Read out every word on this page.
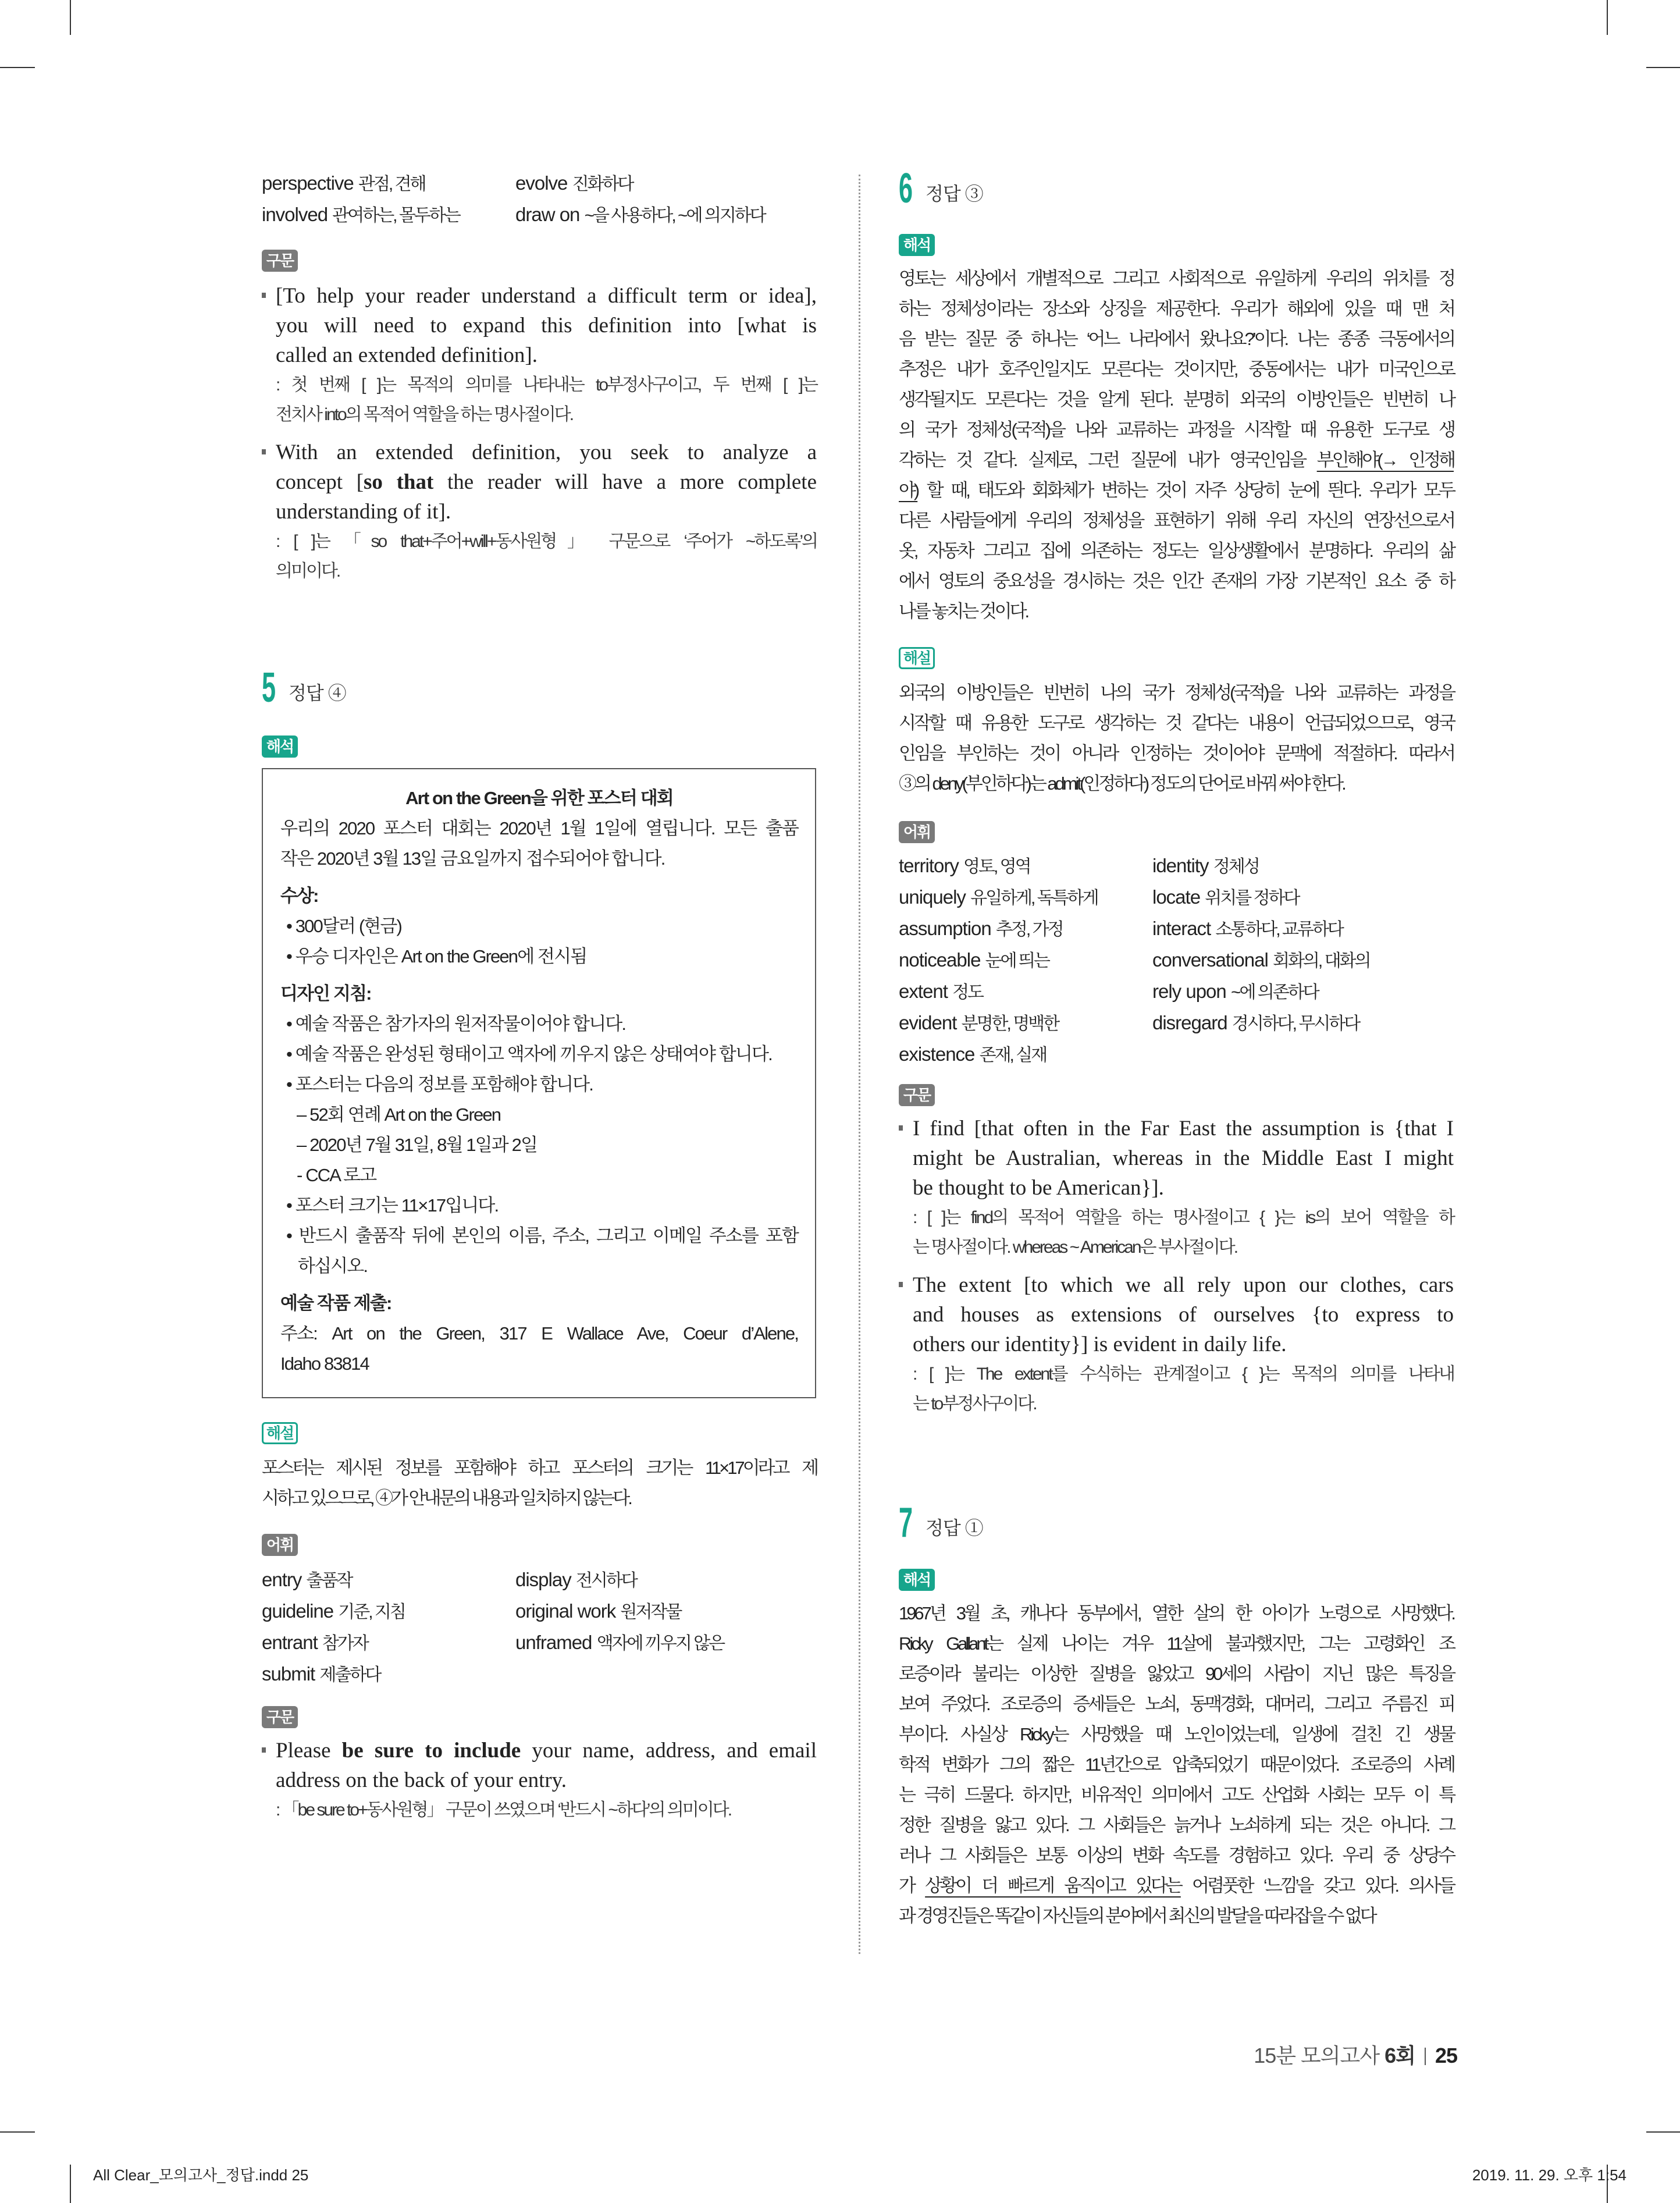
perspective 관점, 견해	evolve 진화하다
involved 관여하는, 몰두하는	draw on ~을 사용하다, ~에 의지하다
구문
[To help your reader understand a difficult term or idea],
you will need to expand this definition into [what is
called an extended definition].
: 첫 번째 [ ]는 목적의 의미를 나타내는 to부정사구이고, 두 번째 [ ]는
전치사 into의 목적어 역할을 하는 명사절이다.
With an extended definition, you seek to analyze a
concept [so that the reader will have a more complete
understanding of it].
: [ ]는 「so that+주어+will+동사원형」 구문으로 ‘주어가 ~하도록’의
의미이다.
5 정답 ④
해석
Art on the Green을 위한 포스터 대회
우리의 2020 포스터 대회는 2020년 1월 1일에 열립니다. 모든 출품
작은 2020년 3월 13일 금요일까지 접수되어야 합니다.
수상:
• 300달러 (현금)
• 우승 디자인은 Art on the Green에 전시됨
디자인 지침:
• 예술 작품은 참가자의 원저작물이어야 합니다.
• 예술 작품은 완성된 형태이고 액자에 끼우지 않은 상태여야 합니다.
• 포스터는 다음의 정보를 포함해야 합니다.
– 52회 연례 Art on the Green
– 2020년 7월 31일, 8월 1일과 2일
- CCA 로고
• 포스터 크기는 11×17입니다.
• 반드시 출품작 뒤에 본인의 이름, 주소, 그리고 이메일 주소를 포함
하십시오.
예술 작품 제출:
주소: Art on the Green, 317 E Wallace Ave, Coeur d’Alene,
Idaho 83814
해설
포스터는 제시된 정보를 포함해야 하고 포스터의 크기는 11×17이라고 제
시하고 있으므로, ④가 안내문의 내용과 일치하지 않는다.
어휘
entry 출품작	display 전시하다
guideline 기준, 지침	original work 원저작물
entrant 참가자	unframed 액자에 끼우지 않은
submit 제출하다
구문
Please be sure to include your name, address, and email
address on the back of your entry.
: 「be sure to+동사원형」 구문이 쓰였으며 ‘반드시 ~하다’의 의미이다.
6 정답 ③
해석
영토는 세상에서 개별적으로 그리고 사회적으로 유일하게 우리의 위치를 정
하는 정체성이라는 장소와 상징을 제공한다. 우리가 해외에 있을 때 맨 처
음 받는 질문 중 하나는 ‘어느 나라에서 왔나요?’이다. 나는 종종 극동에서의
추정은 내가 호주인일지도 모른다는 것이지만, 중동에서는 내가 미국인으로
생각될지도 모른다는 것을 알게 된다. 분명히 외국의 이방인들은 빈번히 나
의 국가 정체성(국적)을 나와 교류하는 과정을 시작할 때 유용한 도구로 생
각하는 것 같다. 실제로, 그런 질문에 내가 영국인임을 부인해야(→ 인정해
야) 할 때, 태도와 회화체가 변하는 것이 자주 상당히 눈에 띈다. 우리가 모두
다른 사람들에게 우리의 정체성을 표현하기 위해 우리 자신의 연장선으로서
옷, 자동차 그리고 집에 의존하는 정도는 일상생활에서 분명하다. 우리의 삶
에서 영토의 중요성을 경시하는 것은 인간 존재의 가장 기본적인 요소 중 하
나를 놓치는 것이다.
해설
외국의 이방인들은 빈번히 나의 국가 정체성(국적)을 나와 교류하는 과정을
시작할 때 유용한 도구로 생각하는 것 같다는 내용이 언급되었으므로, 영국
인임을 부인하는 것이 아니라 인정하는 것이어야 문맥에 적절하다. 따라서
③의 deny(부인하다)는 admit(인정하다) 정도의 단어로 바꿔 써야 한다.
어휘
territory 영토, 영역	identity 정체성
uniquely 유일하게, 독특하게	locate 위치를 정하다
assumption 추정, 가정	interact 소통하다, 교류하다
noticeable 눈에 띄는	conversational 회화의, 대화의
extent 정도	rely upon ~에 의존하다
evident 분명한, 명백한	disregard 경시하다, 무시하다
existence 존재, 실재
구문
I find [that often in the Far East the assumption is {that I
might be Australian, whereas in the Middle East I might
be thought to be American}].
: [ ]는 find의 목적어 역할을 하는 명사절이고 { }는 is의 보어 역할을 하
는 명사절이다. whereas ~ American은 부사절이다.
The extent [to which we all rely upon our clothes, cars
and houses as extensions of ourselves {to express to
others our identity}] is evident in daily life.
: [ ]는 The extent를 수식하는 관계절이고 { }는 목적의 의미를 나타내
는 to부정사구이다.
7 정답 ①
해석
1967년 3월 초, 캐나다 동부에서, 열한 살의 한 아이가 노령으로 사망했다.
Ricky Gallant는 실제 나이는 겨우 11살에 불과했지만, 그는 고령화인 조
로증이라 불리는 이상한 질병을 앓았고 90세의 사람이 지닌 많은 특징을
보여 주었다. 조로증의 증세들은 노쇠, 동맥경화, 대머리, 그리고 주름진 피
부이다. 사실상 Ricky는 사망했을 때 노인이었는데, 일생에 걸친 긴 생물
학적 변화가 그의 짧은 11년간으로 압축되었기 때문이었다. 조로증의 사례
는 극히 드물다. 하지만, 비유적인 의미에서 고도 산업화 사회는 모두 이 특
정한 질병을 앓고 있다. 그 사회들은 늙거나 노쇠하게 되는 것은 아니다. 그
러나 그 사회들은 보통 이상의 변화 속도를 경험하고 있다. 우리 중 상당수
가 상황이 더 빠르게 움직이고 있다는 어렴풋한 ‘느낌’을 갖고 있다. 의사들
과 경영진들은 똑같이 자신들의 분야에서 최신의 발달을 따라잡을 수 없다
15분 모의고사 6회 25
All Clear_모의고사_정답.indd 25	2019. 11. 29. 오후 1:54
